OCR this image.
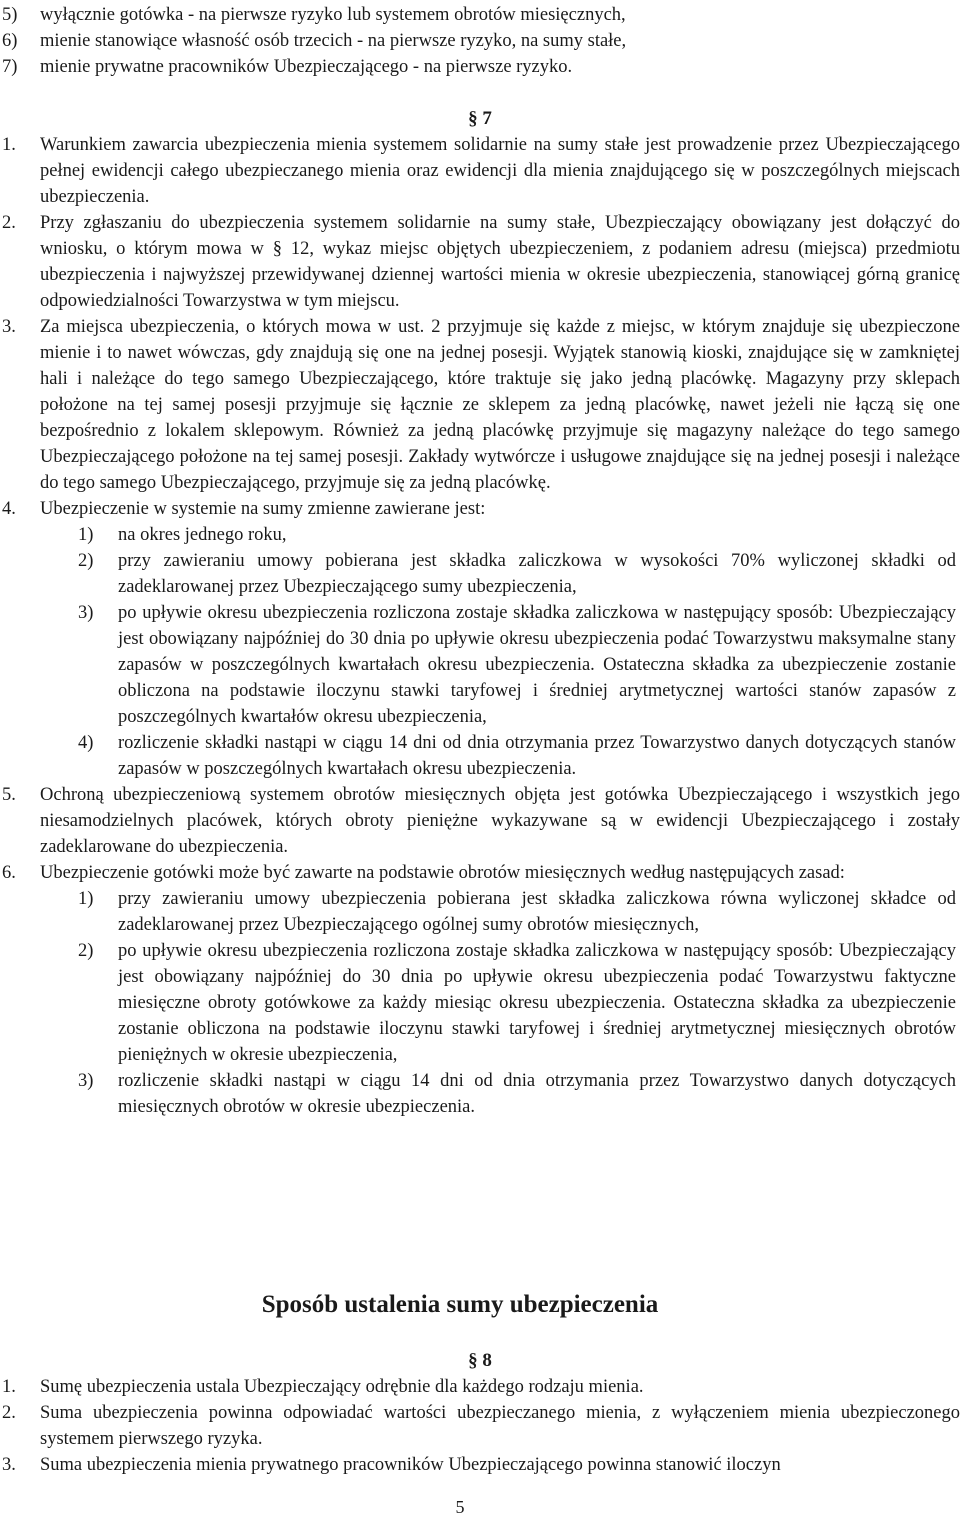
5)	wyłącznie gotówka - na pierwsze ryzyko lub systemem obrotów miesięcznych,
6)	mienie stanowiące własność osób trzecich - na pierwsze ryzyko, na sumy stałe,
7)	mienie prywatne pracowników Ubezpieczającego - na pierwsze ryzyko.
§ 7
1.	Warunkiem zawarcia ubezpieczenia mienia systemem solidarnie na sumy stałe jest prowadzenie przez Ubezpieczającego pełnej ewidencji całego ubezpieczanego mienia oraz ewidencji dla mienia znajdującego się w poszczególnych miejscach ubezpieczenia.
2.	Przy zgłaszaniu do ubezpieczenia systemem solidarnie na sumy stałe, Ubezpieczający obowiązany jest dołączyć do wniosku, o którym mowa w § 12, wykaz miejsc objętych ubezpieczeniem, z podaniem adresu (miejsca) przedmiotu ubezpieczenia i najwyższej przewidywanej dziennej wartości mienia w okresie ubezpieczenia, stanowiącej górną granicę odpowiedzialności Towarzystwa w tym miejscu.
3.	Za miejsca ubezpieczenia, o których mowa w ust. 2 przyjmuje się każde z miejsc, w którym znajduje się ubezpieczone mienie i to nawet wówczas, gdy znajdują się one na jednej posesji. Wyjątek stanowią kioski, znajdujące się w zamkniętej hali i należące do tego samego Ubezpieczającego, które traktuje się jako jedną placówkę. Magazyny przy sklepach położone na tej samej posesji przyjmuje się łącznie ze sklepem za jedną placówkę, nawet jeżeli nie łączą się one bezpośrednio z lokalem sklepowym. Również za jedną placówkę przyjmuje się magazyny należące do tego samego Ubezpieczającego położone na tej samej posesji. Zakłady wytwórcze i usługowe znajdujące się na jednej posesji i należące do tego samego Ubezpieczającego, przyjmuje się za jedną placówkę.
4.	Ubezpieczenie w systemie na sumy zmienne zawierane jest:
1)	na okres jednego roku,
2)	przy zawieraniu umowy pobierana jest składka zaliczkowa w wysokości 70% wyliczonej składki od zadeklarowanej przez Ubezpieczającego sumy ubezpieczenia,
3)	po upływie okresu ubezpieczenia rozliczona zostaje składka zaliczkowa w następujący sposób: Ubezpieczający jest obowiązany najpóźniej do 30 dnia po upływie okresu ubezpieczenia podać Towarzystwu maksymalne stany zapasów w poszczególnych kwartałach okresu ubezpieczenia. Ostateczna składka za ubezpieczenie zostanie obliczona na podstawie iloczynu stawki taryfowej i średniej arytmetycznej wartości stanów zapasów z poszczególnych kwartałów okresu ubezpieczenia,
4)	rozliczenie składki nastąpi w ciągu 14 dni od dnia otrzymania przez Towarzystwo danych dotyczących stanów zapasów w poszczególnych kwartałach okresu ubezpieczenia.
5.	Ochroną ubezpieczeniową systemem obrotów miesięcznych objęta jest gotówka Ubezpieczającego i wszystkich jego niesamodzielnych placówek, których obroty pieniężne wykazywane są w ewidencji Ubezpieczającego i zostały zadeklarowane do ubezpieczenia.
6.	Ubezpieczenie gotówki może być zawarte na podstawie obrotów miesięcznych według następujących zasad:
1)	przy zawieraniu umowy ubezpieczenia pobierana jest składka zaliczkowa równa wyliczonej składce od zadeklarowanej przez Ubezpieczającego ogólnej sumy obrotów miesięcznych,
2)	po upływie okresu ubezpieczenia rozliczona zostaje składka zaliczkowa w następujący sposób: Ubezpieczający jest obowiązany najpóźniej do 30 dnia po upływie okresu ubezpieczenia podać Towarzystwu faktyczne miesięczne obroty gotówkowe za każdy miesiąc okresu ubezpieczenia. Ostateczna składka za ubezpieczenie zostanie obliczona na podstawie iloczynu stawki taryfowej i średniej arytmetycznej miesięcznych obrotów pieniężnych w okresie ubezpieczenia,
3)	rozliczenie składki nastąpi w ciągu 14 dni od dnia otrzymania przez Towarzystwo danych dotyczących miesięcznych obrotów w okresie ubezpieczenia.
Sposób ustalenia sumy ubezpieczenia
§ 8
1.	Sumę ubezpieczenia ustala Ubezpieczający odrębnie dla każdego rodzaju mienia.
2.	Suma ubezpieczenia powinna odpowiadać wartości ubezpieczanego mienia, z wyłączeniem mienia ubezpieczonego systemem pierwszego ryzyka.
3.	Suma ubezpieczenia mienia prywatnego pracowników Ubezpieczającego powinna stanowić iloczyn
5
